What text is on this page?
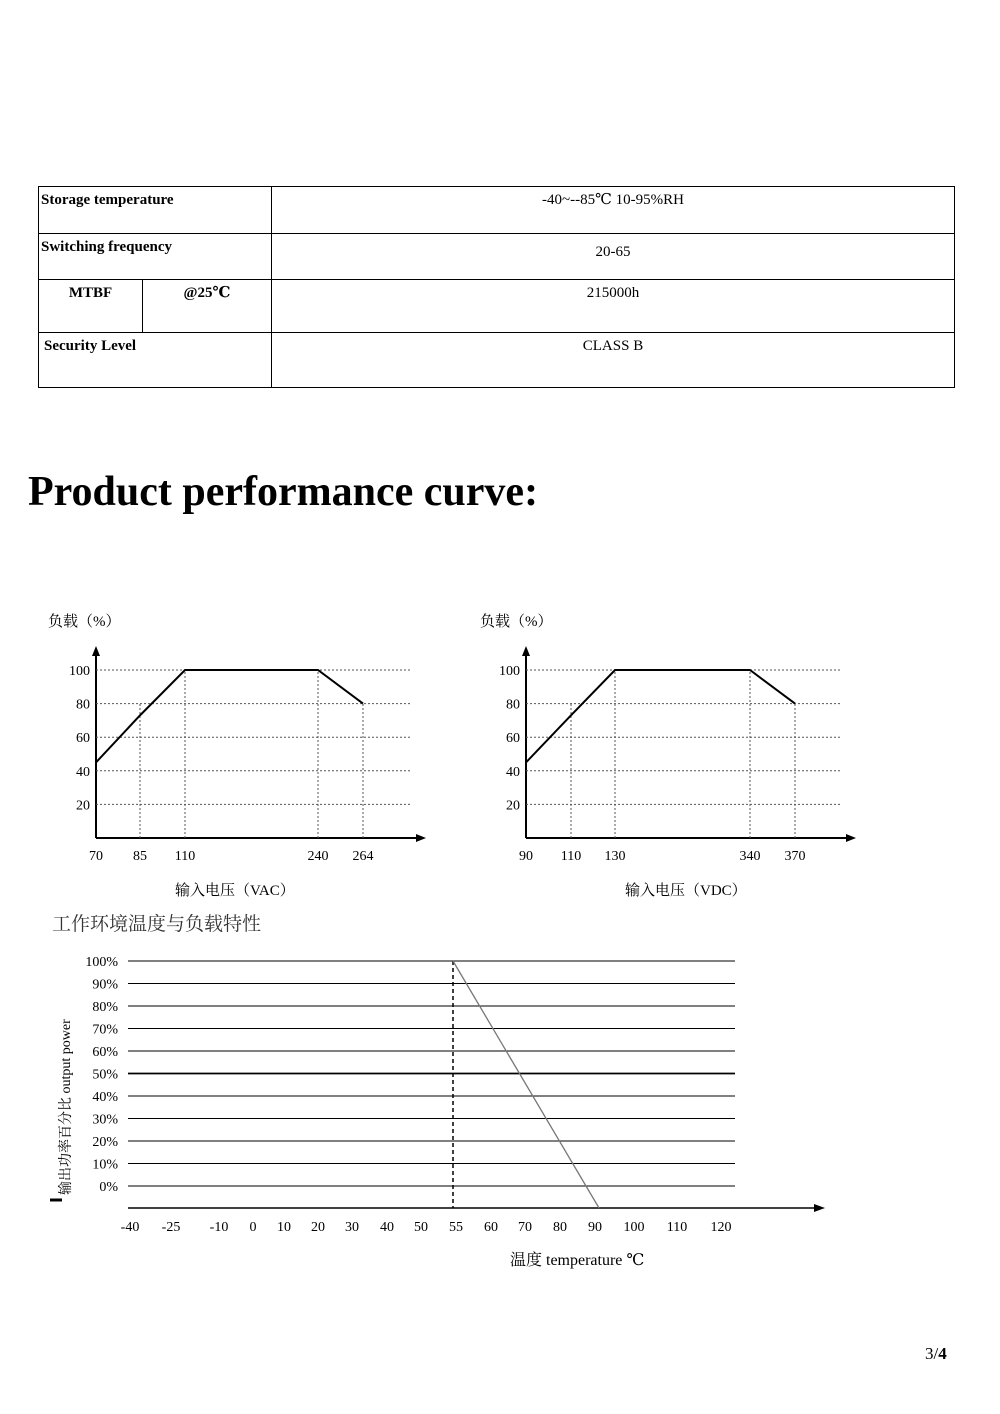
Storage temperature		-40~--85℃ 10-95%RH
Switching frequency		20-65
MTBF	@25℃	215000h
Security Level		CLASS B
Product performance curve:
负载（%）
100
80
60
40
20
70 85 110	240 264
输入电压（VAC）
负载（%）
100
80
60
40
20
90 110 130	340 370
输入电压（VDC）
工作环境温度与负载特性
输出功率百分比 output power
100%
90%
80%
70%
60%
50%
40%
30%
20%
10%
0%
-40 -25 -10 0 10 20 30 40 50 55 60 70 80 90 100 110 120
温度 temperature ℃
3/4
